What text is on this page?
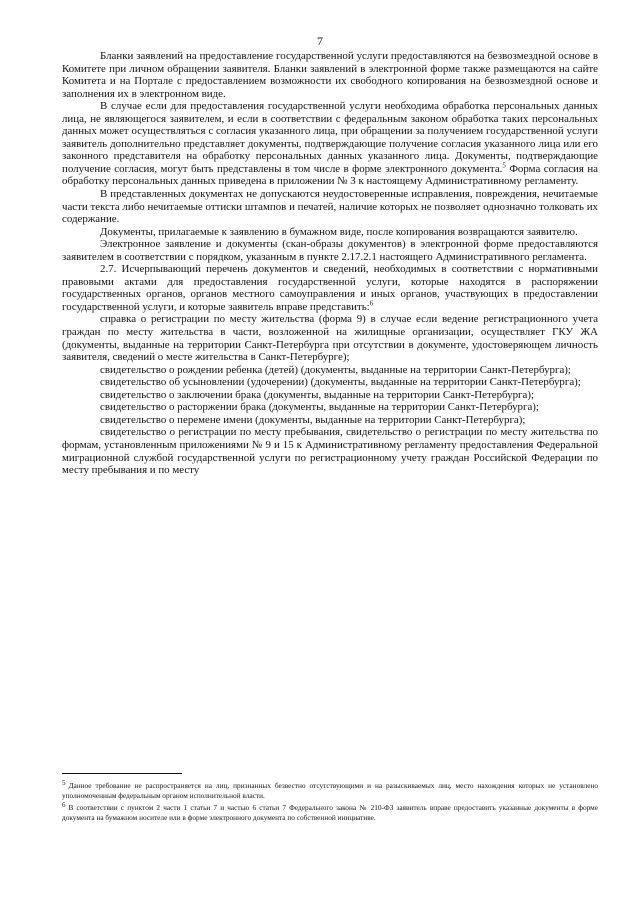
7

Бланки заявлений на предоставление государственной услуги предоставляются на безвозмездной основе в Комитете при личном обращении заявителя. Бланки заявлений в электронной форме также размещаются на сайте Комитета и на Портале с предоставлением возможности их свободного копирования на безвозмездной основе и заполнения их в электронном виде.

В случае если для предоставления государственной услуги необходима обработка персональных данных лица, не являющегося заявителем, и если в соответствии с федеральным законом обработка таких персональных данных может осуществляться с согласия указанного лица, при обращении за получением государственной услуги заявитель дополнительно представляет документы, подтверждающие получение согласия указанного лица или его законного представителя на обработку персональных данных указанного лица. Документы, подтверждающие получение согласия, могут быть представлены в том числе в форме электронного документа.$^5$ Форма согласия на обработку персональных данных приведена в приложении № 3 к настоящему Административному регламенту.

В представленных документах не допускаются неудостоверенные исправления, повреждения, нечитаемые части текста либо нечитаемые оттиски штампов и печатей, наличие которых не позволяет однозначно толковать их содержание.

Документы, прилагаемые к заявлению в бумажном виде, после копирования возвращаются заявителю.

Электронное заявление и документы (скан-образы документов) в электронной форме предоставляются заявителем в соответствии с порядком, указанным в пункте 2.17.2.1 настоящего Административного регламента.

2.7. Исчерпывающий перечень документов и сведений, необходимых в соответствии с нормативными правовыми актами для предоставления государственной услуги, которые находятся в распоряжении государственных органов, органов местного самоуправления и иных органов, участвующих в предоставлении государственной услуги, и которые заявитель вправе представить:$^6$

справка о регистрации по месту жительства (форма 9) в случае если ведение регистрационного учета граждан по месту жительства в части, возложенной на жилищные организации, осуществляет ГКУ ЖА (документы, выданные на территории Санкт-Петербурга при отсутствии в документе, удостоверяющем личность заявителя, сведений о месте жительства в Санкт-Петербурге);

свидетельство о рождении ребенка (детей) (документы, выданные на территории Санкт-Петербурга);

свидетельство об усыновлении (удочерении) (документы, выданные на территории Санкт-Петербурга);

свидетельство о заключении брака (документы, выданные на территории Санкт-Петербурга);

свидетельство о расторжении брака (документы, выданные на территории Санкт-Петербурга);

свидетельство о перемене имени (документы, выданные на территории Санкт-Петербурга);

свидетельство о регистрации по месту пребывания, свидетельство о регистрации по месту жительства по формам, установленным приложениями № 9 и 15 к Административному регламенту предоставления Федеральной миграционной службой государственной услуги по регистрационному учету граждан Российской Федерации по месту пребывания и по месту

5 Данное требование не распространяется на лиц, признанных безвестно отсутствующими и на разыскиваемых лиц, место нахождения которых не установлено уполномоченным федеральным органом исполнительной власти.

6 В соответствии с пунктом 2 части 1 статьи 7 и частью 6 статьи 7 Федерального закона № 210-ФЗ заявитель вправе предоставить указанные документы в форме документа на бумажном носителе или в форме электронного документа по собственной инициативе.
